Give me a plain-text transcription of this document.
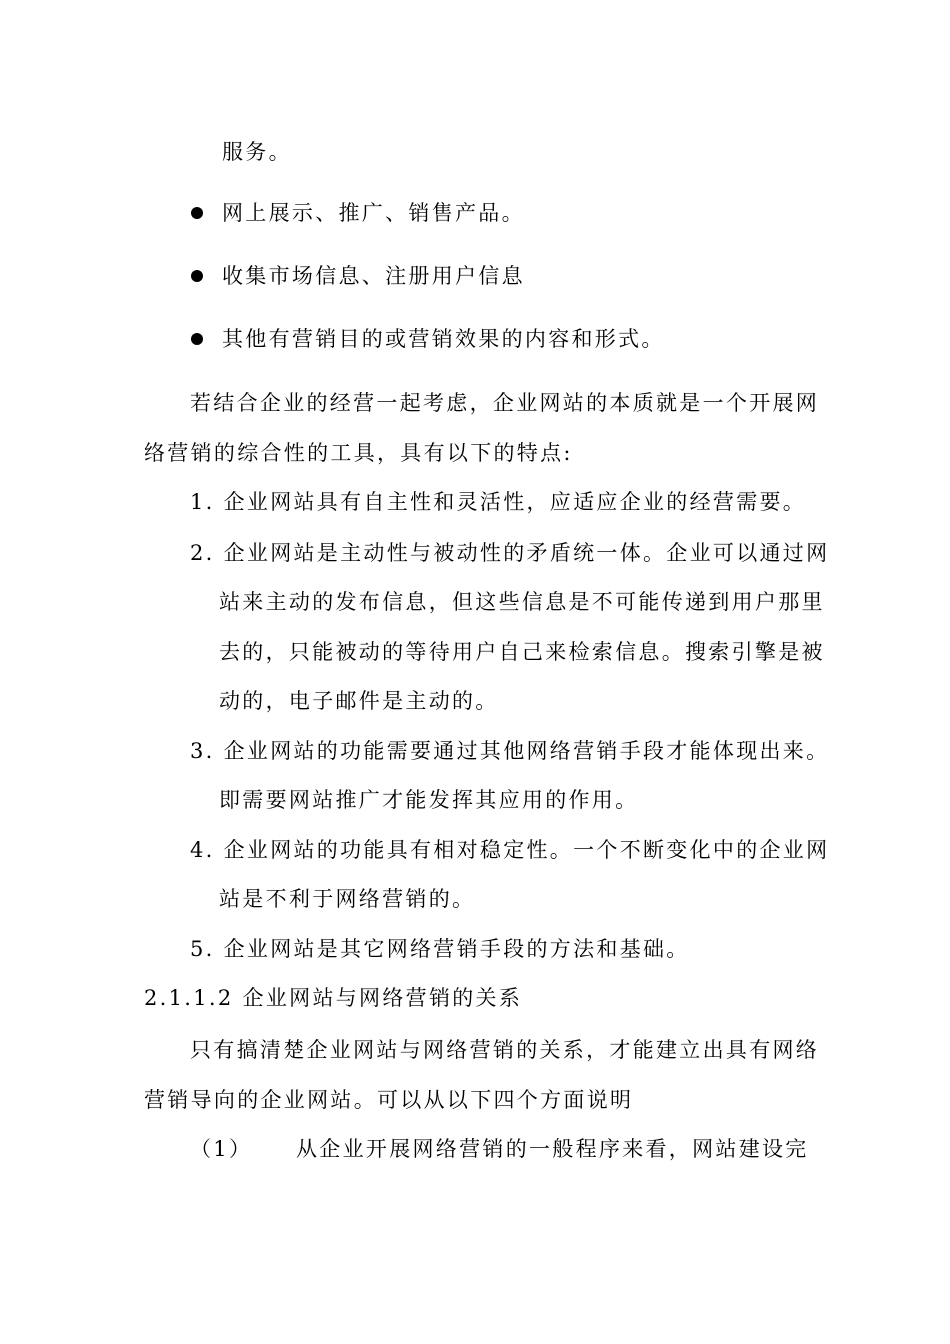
服务。
网上展示、推广、销售产品。
收集市场信息、注册用户信息
其他有营销目的或营销效果的内容和形式。
若结合企业的经营一起考虑，企业网站的本质就是一个开展网
络营销的综合性的工具，具有以下的特点:
1. 企业网站具有自主性和灵活性，应适应企业的经营需要。
2. 企业网站是主动性与被动性的矛盾统一体。企业可以通过网
站来主动的发布信息，但这些信息是不可能传递到用户那里
去的，只能被动的等待用户自己来检索信息。搜索引擎是被
动的，电子邮件是主动的。
3. 企业网站的功能需要通过其他网络营销手段才能体现出来。
即需要网站推广才能发挥其应用的作用。
4. 企业网站的功能具有相对稳定性。一个不断变化中的企业网
站是不利于网络营销的。
5. 企业网站是其它网络营销手段的方法和基础。
2.1.1.2 企业网站与网络营销的关系
只有搞清楚企业网站与网络营销的关系，才能建立出具有网络
营销导向的企业网站。可以从以下四个方面说明
（1） 从企业开展网络营销的一般程序来看，网站建设完
